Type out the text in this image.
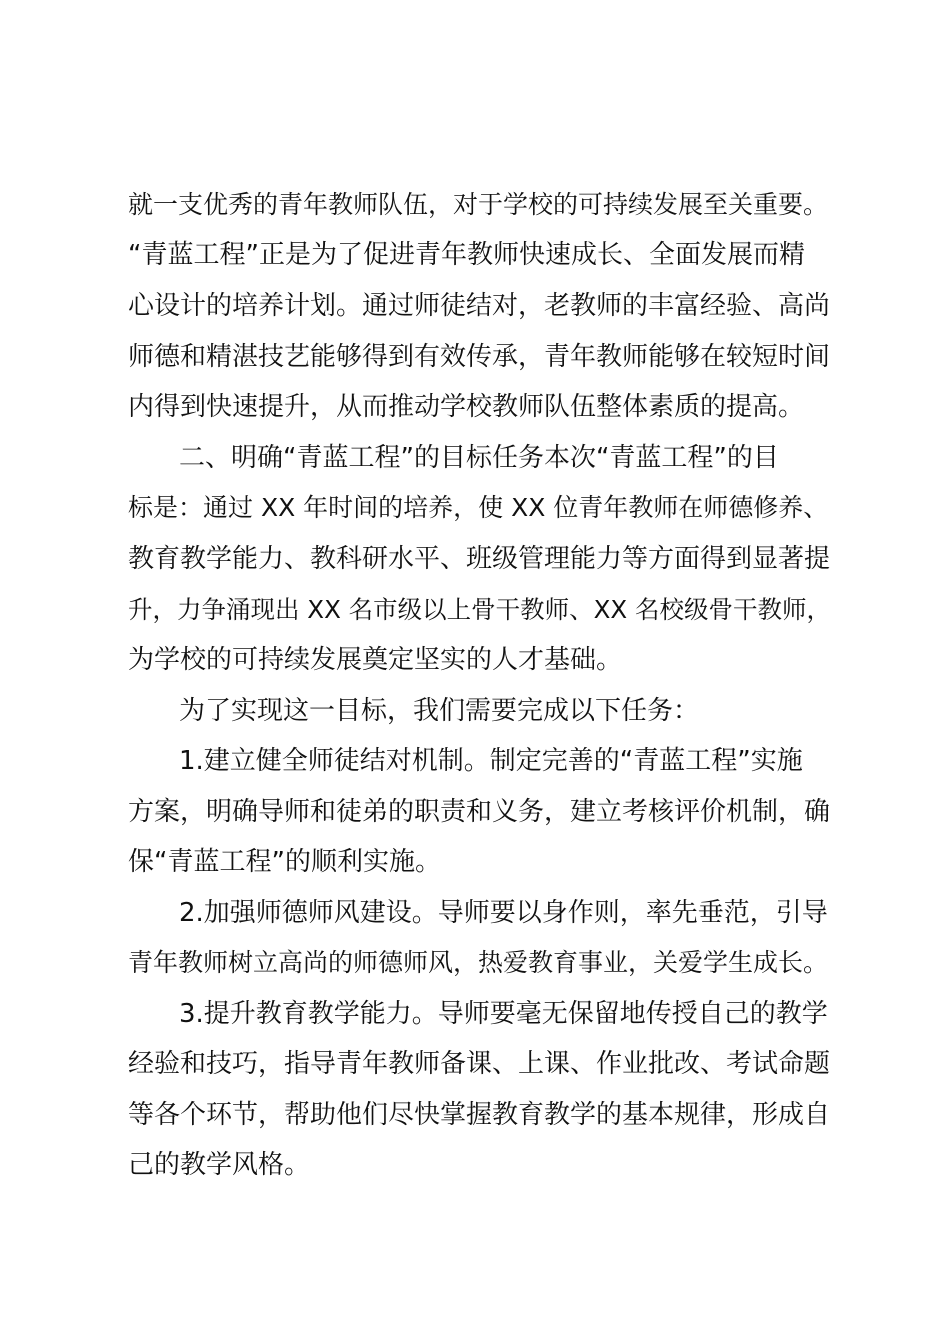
就一支优秀的青年教师队伍，对于学校的可持续发展至关重要。
“青蓝工程”正是为了促进青年教师快速成长、全面发展而精
心设计的培养计划。通过师徒结对，老教师的丰富经验、高尚
师德和精湛技艺能够得到有效传承，青年教师能够在较短时间
内得到快速提升，从而推动学校教师队伍整体素质的提高。
二、明确“青蓝工程”的目标任务本次“青蓝工程”的目
标是：通过 XX 年时间的培养，使 XX 位青年教师在师德修养、
教育教学能力、教科研水平、班级管理能力等方面得到显著提
升，力争涌现出 XX 名市级以上骨干教师、XX 名校级骨干教师，
为学校的可持续发展奠定坚实的人才基础。
为了实现这一目标，我们需要完成以下任务：
1.建立健全师徒结对机制。制定完善的“青蓝工程”实施
方案，明确导师和徒弟的职责和义务，建立考核评价机制，确
保“青蓝工程”的顺利实施。
2.加强师德师风建设。导师要以身作则，率先垂范，引导
青年教师树立高尚的师德师风，热爱教育事业，关爱学生成长。
3.提升教育教学能力。导师要毫无保留地传授自己的教学
经验和技巧，指导青年教师备课、上课、作业批改、考试命题
等各个环节，帮助他们尽快掌握教育教学的基本规律，形成自
己的教学风格。
